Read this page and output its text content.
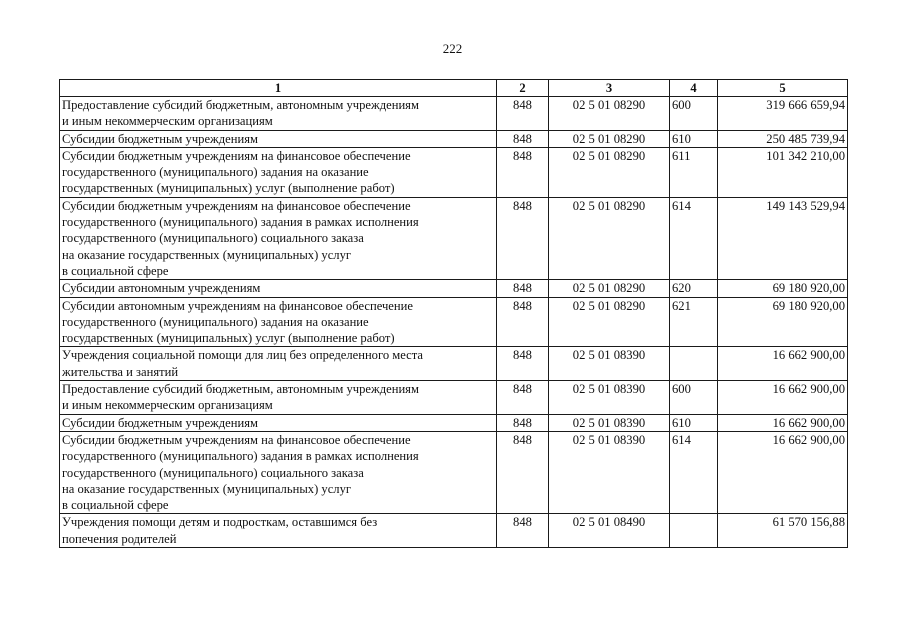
222
1	2	3	4	5
Предоставление субсидий бюджетным, автономным учреждениям
и иным некоммерческим организациям	848	02 5 01 08290	600	319 666 659,94
Субсидии бюджетным учреждениям	848	02 5 01 08290	610	250 485 739,94
Субсидии бюджетным учреждениям на финансовое обеспечение
государственного (муниципального) задания на оказание
государственных (муниципальных) услуг (выполнение работ)	848	02 5 01 08290	611	101 342 210,00
Субсидии бюджетным учреждениям на финансовое обеспечение
государственного (муниципального) задания в рамках исполнения
государственного (муниципального) социального заказа
на оказание государственных (муниципальных) услуг
в социальной сфере	848	02 5 01 08290	614	149 143 529,94
Субсидии автономным учреждениям	848	02 5 01 08290	620	69 180 920,00
Субсидии автономным учреждениям на финансовое обеспечение
государственного (муниципального) задания на оказание
государственных (муниципальных) услуг (выполнение работ)	848	02 5 01 08290	621	69 180 920,00
Учреждения социальной помощи для лиц без определенного места
жительства и занятий	848	02 5 01 08390		16 662 900,00
Предоставление субсидий бюджетным, автономным учреждениям
и иным некоммерческим организациям	848	02 5 01 08390	600	16 662 900,00
Субсидии бюджетным учреждениям	848	02 5 01 08390	610	16 662 900,00
Субсидии бюджетным учреждениям на финансовое обеспечение
государственного (муниципального) задания в рамках исполнения
государственного (муниципального) социального заказа
на оказание государственных (муниципальных) услуг
в социальной сфере	848	02 5 01 08390	614	16 662 900,00
Учреждения помощи детям и подросткам, оставшимся без
попечения родителей	848	02 5 01 08490		61 570 156,88
